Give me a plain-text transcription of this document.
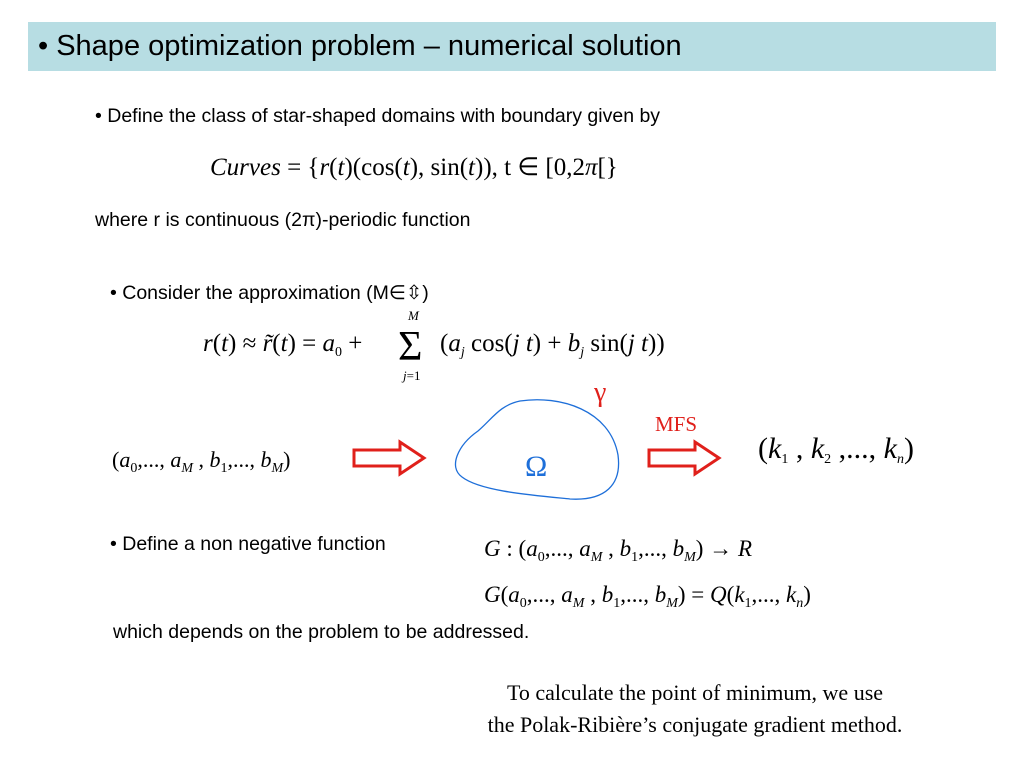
• Shape optimization problem – numerical solution
• Define the class of star-shaped domains with boundary given by
Curves = {r(t)(cos(t), sin(t)), t ∈ [0,2π[}
where r is continuous (2π)-periodic function
• Consider the approximation (M∈⇳)
r(t) ≈ r̃(t) = $a_0 + \Sigma$
M
j=1
($a_j$ cos(j $t) + b_j$ sin(j t))
($a_0$,..., $a_M$ , $b_1$,..., $b_M$)	Ω
γ
MFS
($k_1$ , $k_2$ ,..., $k_n$)
• Define a non negative function	G : ($a_0$,..., $a_M$ , $b_1$,..., $b_M) \to R$
$G(a_0$,..., $a_M$ , $b_1$,..., $b_M) = Q(k_1$,..., $k_n$)
which depends on the problem to be addressed.
To calculate the point of minimum, we use
the Polak-Ribière’s conjugate gradient method.
